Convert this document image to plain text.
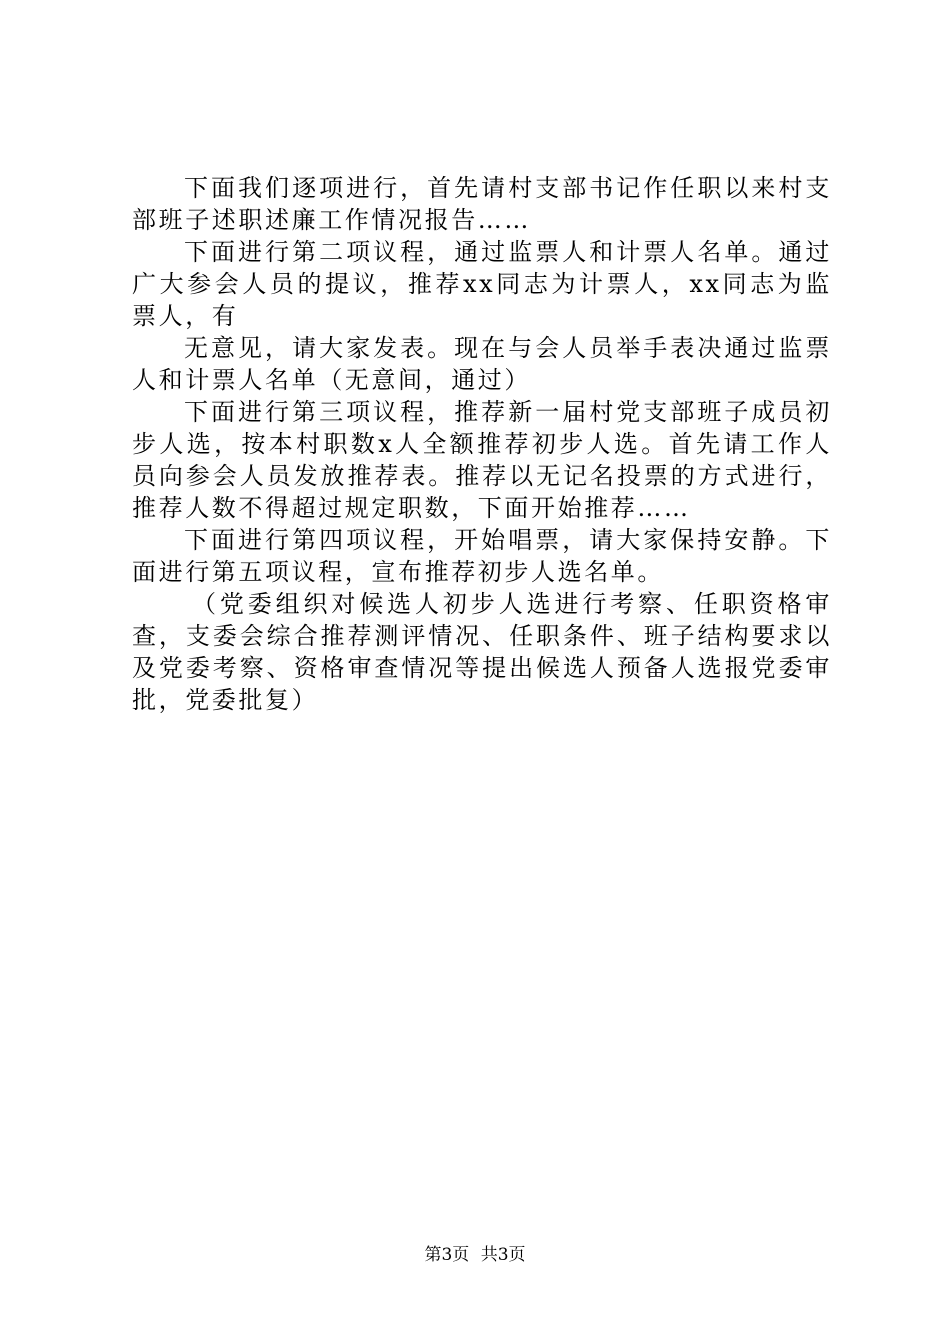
下面我们逐项进行，首先请村支部书记作任职以来村支部班子述职述廉工作情况报告……

下面进行第二项议程，通过监票人和计票人名单。通过广大参会人员的提议，推荐xx同志为计票人，xx同志为监票人，有

无意见，请大家发表。现在与会人员举手表决通过监票人和计票人名单（无意间，通过）

下面进行第三项议程，推荐新一届村党支部班子成员初步人选，按本村职数x人全额推荐初步人选。首先请工作人员向参会人员发放推荐表。推荐以无记名投票的方式进行，推荐人数不得超过规定职数，下面开始推荐……

下面进行第四项议程，开始唱票，请大家保持安静。下面进行第五项议程，宣布推荐初步人选名单。

（党委组织对候选人初步人选进行考察、任职资格审查，支委会综合推荐测评情况、任职条件、班子结构要求以及党委考察、资格审查情况等提出候选人预备人选报党委审批，党委批复）

第3页 共3页
